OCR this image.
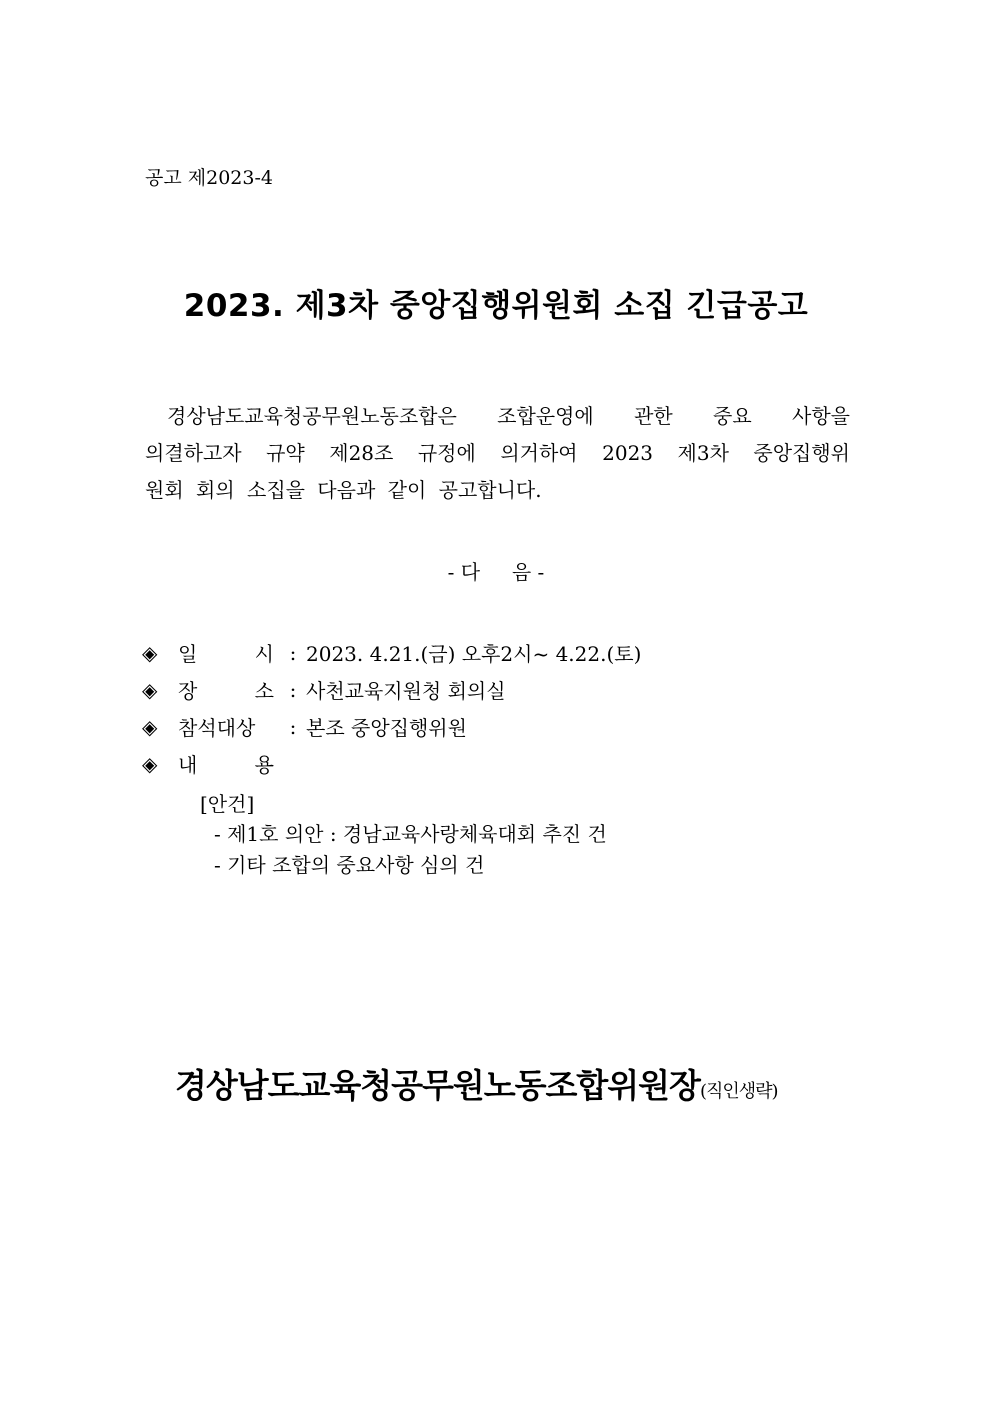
공고 제2023-4
2023. 제3차 중앙집행위원회 소집 긴급공고
경상남도교육청공무원노동조합은 조합운영에 관한 중요 사항을
의결하고자 규약 제28조 규정에 의거하여 2023 제3차 중앙집행위
원회 회의 소집을 다음과 같이 공고합니다.
- 다     음 -
◈	일	시 : 2023. 4.21.(금) 오후2시~ 4.22.(토)
◈	장	소 : 사천교육지원청 회의실
◈	참석대상	: 본조 중앙집행위원
◈	내	용
[안건]
- 제1호 의안 : 경남교육사랑체육대회 추진 건
- 기타 조합의 중요사항 심의 건
경상남도교육청공무원노동조합위원장(직인생략)
